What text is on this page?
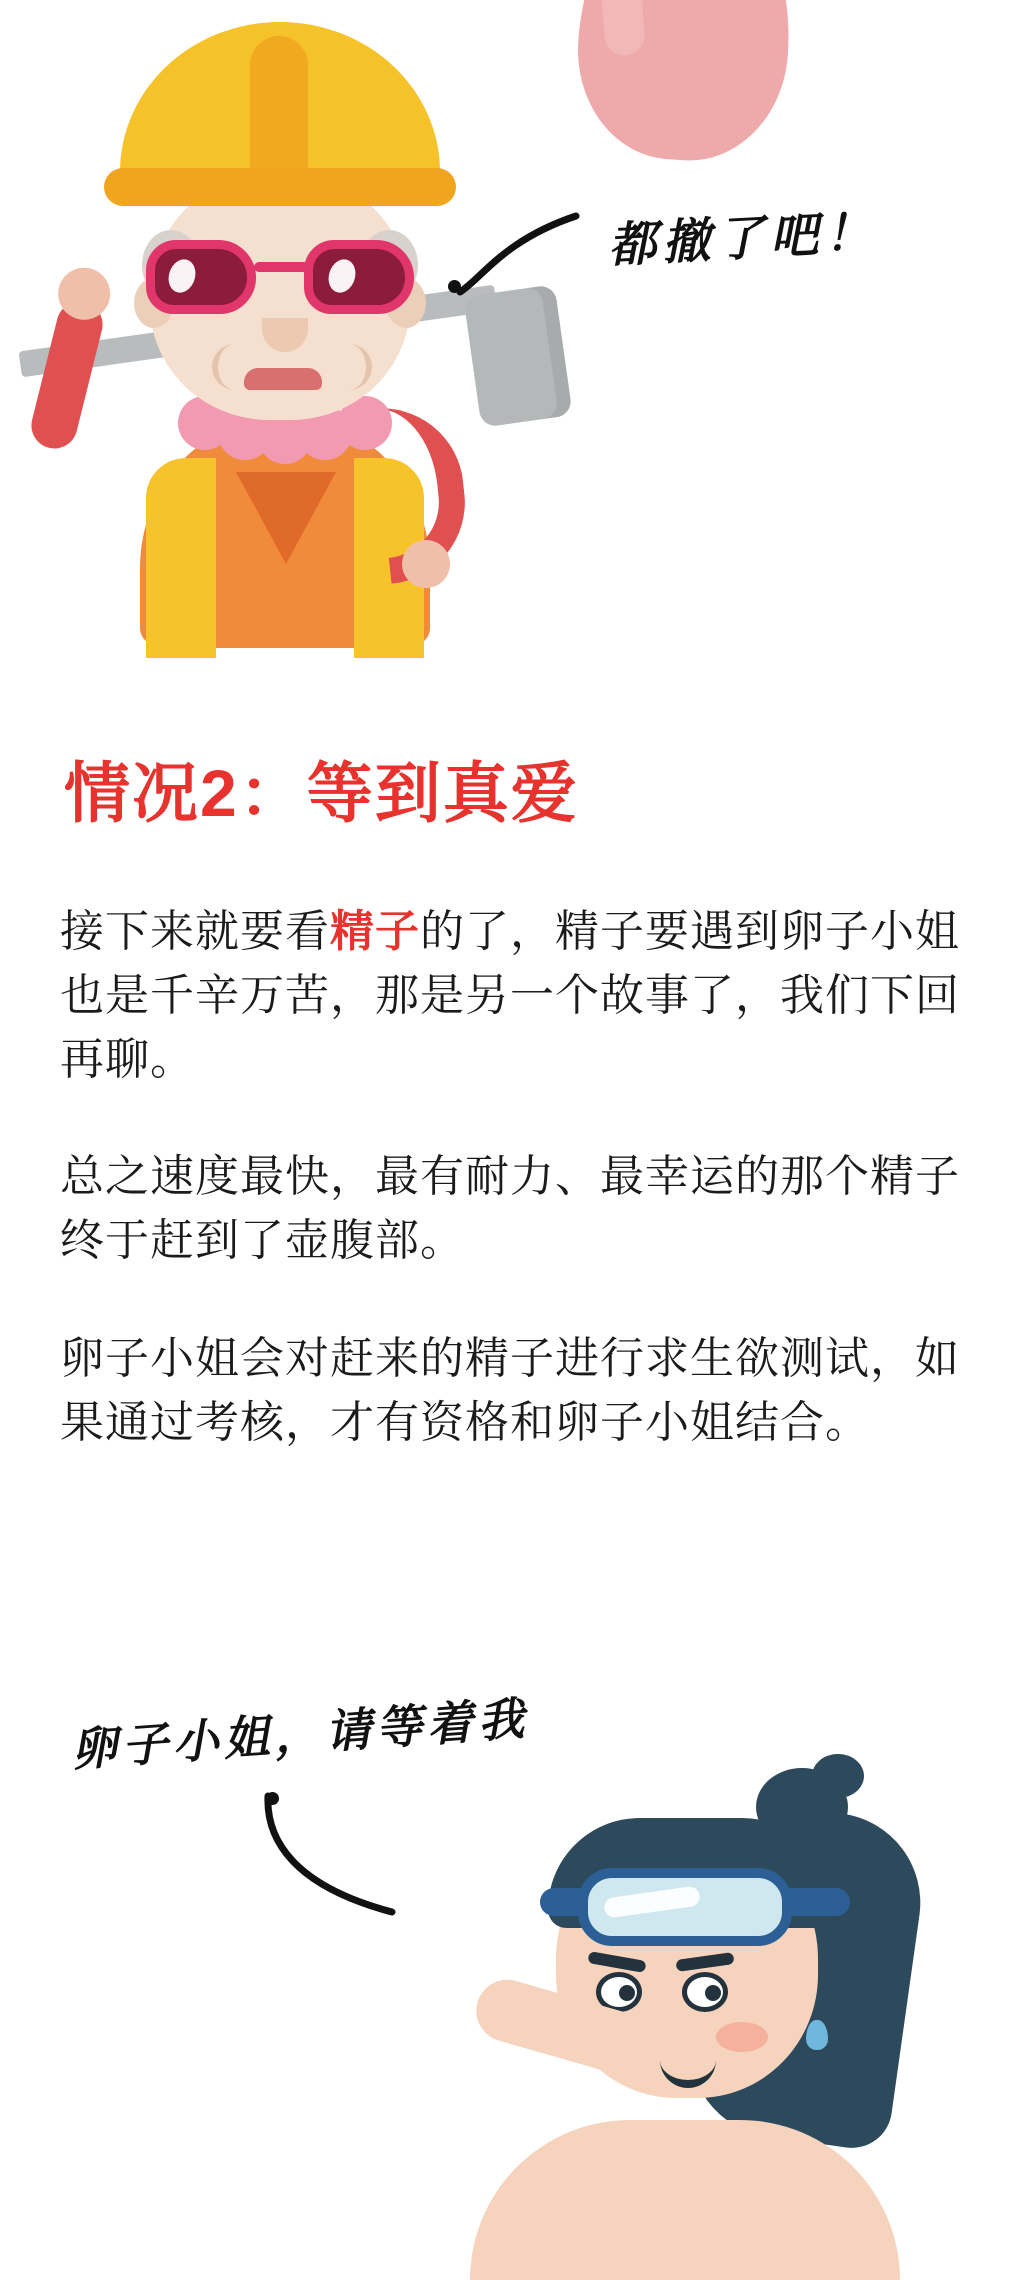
都撤了吧！
情况2：等到真爱

接下来就要看精子的了，精子要遇到卵子小姐也是千辛万苦，那是另一个故事了，我们下回再聊。

总之速度最快，最有耐力、最幸运的那个精子终于赶到了壶腹部。

卵子小姐会对赶来的精子进行求生欲测试，如果通过考核，才有资格和卵子小姐结合。

卵子小姐，请等着我
